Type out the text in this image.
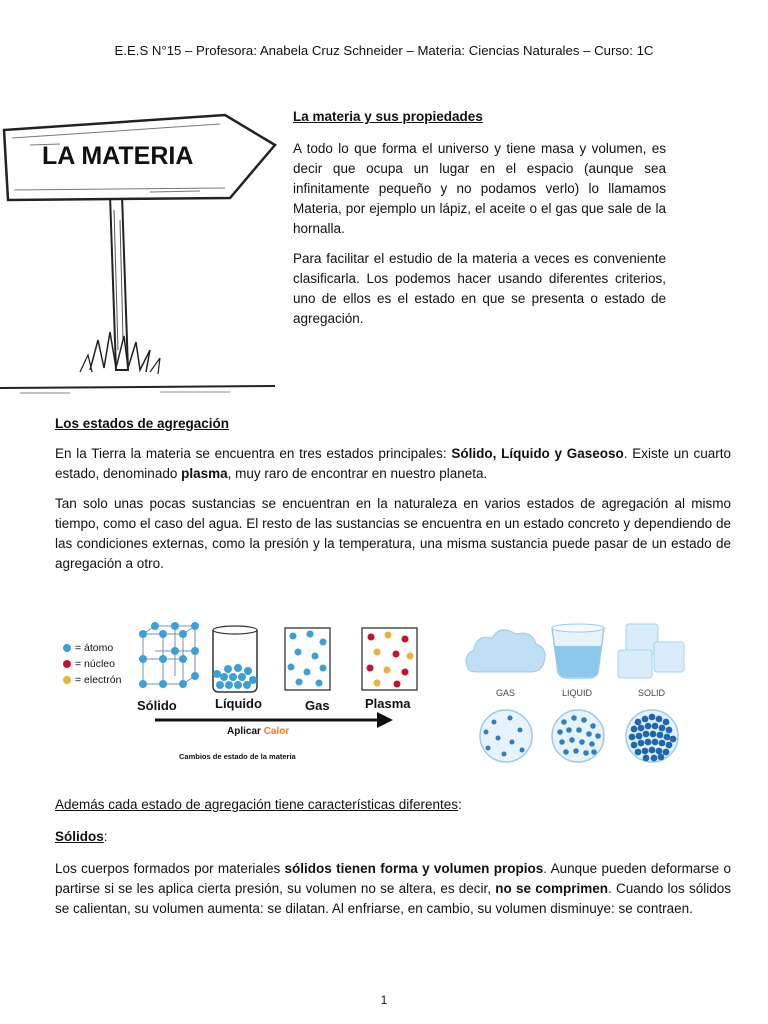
E.E.S N°15 – Profesora: Anabela Cruz Schneider – Materia: Ciencias Naturales – Curso: 1C
LA MATERIA
La materia y sus propiedades

A todo lo que forma el universo y tiene masa y volumen, es decir que ocupa un lugar en el espacio (aunque sea infinitamente pequeño y no podamos verlo) lo llamamos Materia, por ejemplo un lápiz, el aceite o el gas que sale de la hornalla.

Para facilitar el estudio de la materia a veces es conveniente clasificarla. Los podemos hacer usando diferentes criterios, uno de ellos es el estado en que se presenta o estado de agregación.

Los estados de agregación

En la Tierra la materia se encuentra en tres estados principales: Sólido, Líquido y Gaseoso. Existe un cuarto estado, denominado plasma, muy raro de encontrar en nuestro planeta.

Tan solo unas pocas sustancias se encuentran en la naturaleza en varios estados de agregación al mismo tiempo, como el caso del agua. El resto de las sustancias se encuentra en un estado concreto y dependiendo de las condiciones externas, como la presión y la temperatura, una misma sustancia puede pasar de un estado de agregación a otro.

= átomo
= núcleo
= electrón
Sólido	Líquido	Gas	Plasma
Aplicar Calor
Cambios de estado de la materia
GAS	LIQUID	SOLID
Además cada estado de agregación tiene características diferentes:
Sólidos:

Los cuerpos formados por materiales sólidos tienen forma y volumen propios. Aunque pueden deformarse o partirse si se les aplica cierta presión, su volumen no se altera, es decir, no se comprimen. Cuando los sólidos se calientan, su volumen aumenta: se dilatan. Al enfriarse, en cambio, su volumen disminuye: se contraen.

1
